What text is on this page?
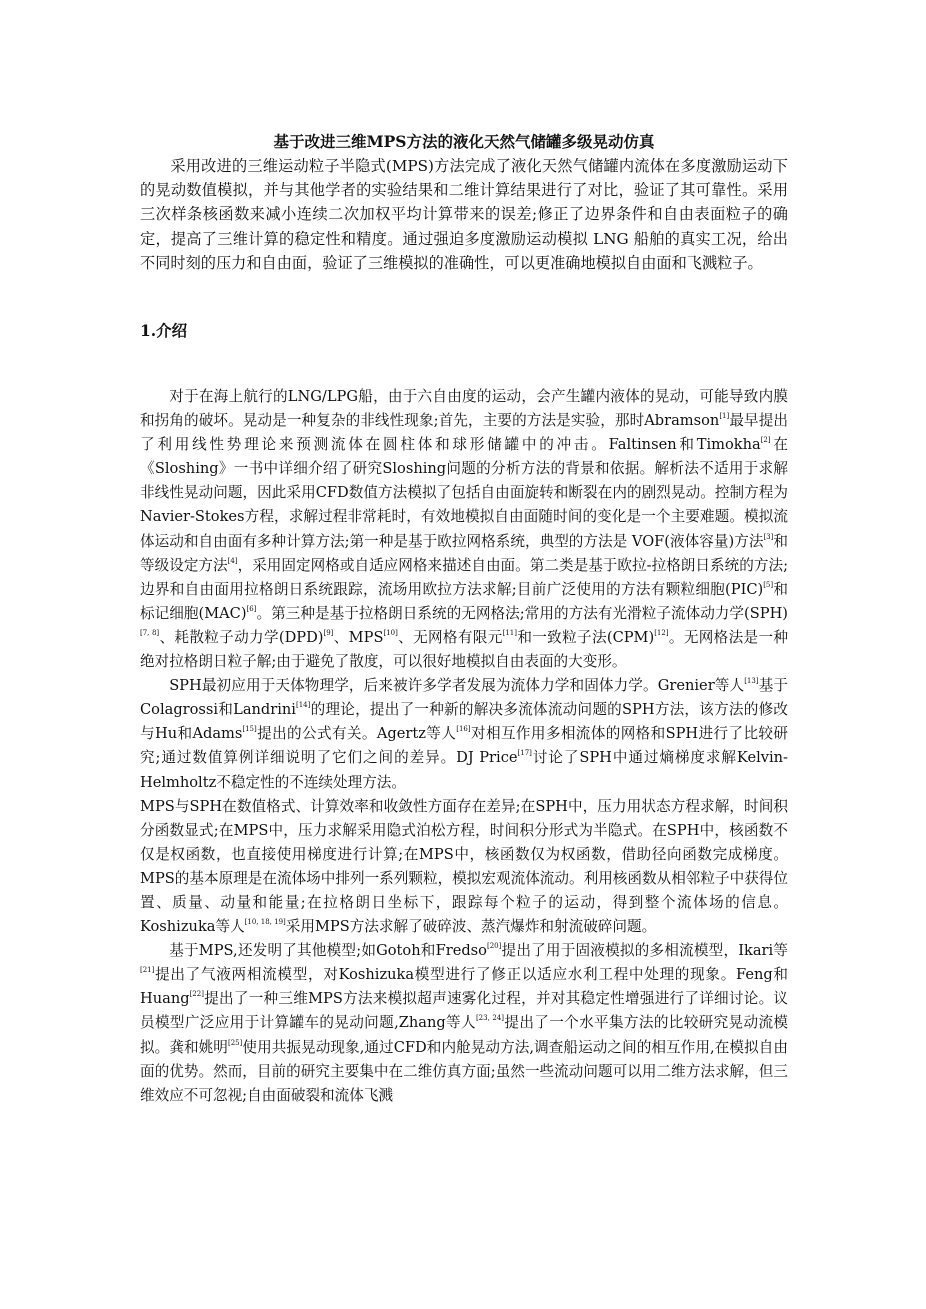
基于改进三维MPS方法的液化天然气储罐多级晃动仿真

采用改进的三维运动粒子半隐式(MPS)方法完成了液化天然气储罐内流体在多度激励运动下的晃动数值模拟，并与其他学者的实验结果和二维计算结果进行了对比，验证了其可靠性。采用三次样条核函数来减小连续二次加权平均计算带来的误差;修正了边界条件和自由表面粒子的确定，提高了三维计算的稳定性和精度。通过强迫多度激励运动模拟 LNG 船舶的真实工况，给出不同时刻的压力和自由面，验证了三维模拟的准确性，可以更准确地模拟自由面和飞溅粒子。

1.介绍

对于在海上航行的LNG/LPG船，由于六自由度的运动，会产生罐内液体的晃动，可能导致内膜和拐角的破坏。晃动是一种复杂的非线性现象;首先，主要的方法是实验，那时Abramson[1]最早提出了利用线性势理论来预测流体在圆柱体和球形储罐中的冲击。Faltinsen和Timokha[2]在《Sloshing》一书中详细介绍了研究Sloshing问题的分析方法的背景和依据。解析法不适用于求解非线性晃动问题，因此采用CFD数值方法模拟了包括自由面旋转和断裂在内的剧烈晃动。控制方程为Navier-Stokes方程，求解过程非常耗时，有效地模拟自由面随时间的变化是一个主要难题。模拟流体运动和自由面有多种计算方法;第一种是基于欧拉网格系统，典型的方法是 VOF(液体容量)方法[3]和等级设定方法[4]，采用固定网格或自适应网格来描述自由面。第二类是基于欧拉-拉格朗日系统的方法;边界和自由面用拉格朗日系统跟踪，流场用欧拉方法求解;目前广泛使用的方法有颗粒细胞(PIC)[5]和标记细胞(MAC)[6]。第三种是基于拉格朗日系统的无网格法;常用的方法有光滑粒子流体动力学(SPH)[7, 8]、耗散粒子动力学(DPD)[9]、MPS[10]、无网格有限元[11]和一致粒子法(CPM)[12]。无网格法是一种绝对拉格朗日粒子解;由于避免了散度，可以很好地模拟自由表面的大变形。

SPH最初应用于天体物理学，后来被许多学者发展为流体力学和固体力学。Grenier等人[13]基于Colagrossi和Landrini[14]的理论，提出了一种新的解决多流体流动问题的SPH方法，该方法的修改与Hu和Adams[15]提出的公式有关。Agertz等人[16]对相互作用多相流体的网格和SPH进行了比较研究;通过数值算例详细说明了它们之间的差异。DJ Price[17]讨论了SPH中通过熵梯度求解Kelvin-Helmholtz不稳定性的不连续处理方法。

MPS与SPH在数值格式、计算效率和收敛性方面存在差异;在SPH中，压力用状态方程求解，时间积分函数显式;在MPS中，压力求解采用隐式泊松方程，时间积分形式为半隐式。在SPH中，核函数不仅是权函数，也直接使用梯度进行计算;在MPS中，核函数仅为权函数，借助径向函数完成梯度。MPS的基本原理是在流体场中排列一系列颗粒，模拟宏观流体流动。利用核函数从相邻粒子中获得位置、质量、动量和能量;在拉格朗日坐标下，跟踪每个粒子的运动，得到整个流体场的信息。Koshizuka等人[10, 18, 19]采用MPS方法求解了破碎波、蒸汽爆炸和射流破碎问题。

基于MPS,还发明了其他模型;如Gotoh和Fredso[20]提出了用于固液模拟的多相流模型，Ikari等[21]提出了气液两相流模型，对Koshizuka模型进行了修正以适应水利工程中处理的现象。Feng和Huang[22]提出了一种三维MPS方法来模拟超声速雾化过程，并对其稳定性增强进行了详细讨论。议员模型广泛应用于计算罐车的晃动问题,Zhang等人[23, 24]提出了一个水平集方法的比较研究晃动流模拟。龚和姚明[25]使用共振晃动现象,通过CFD和内舱晃动方法,调查船运动之间的相互作用,在模拟自由面的优势。然而，目前的研究主要集中在二维仿真方面;虽然一些流动问题可以用二维方法求解，但三维效应不可忽视;自由面破裂和流体飞溅
